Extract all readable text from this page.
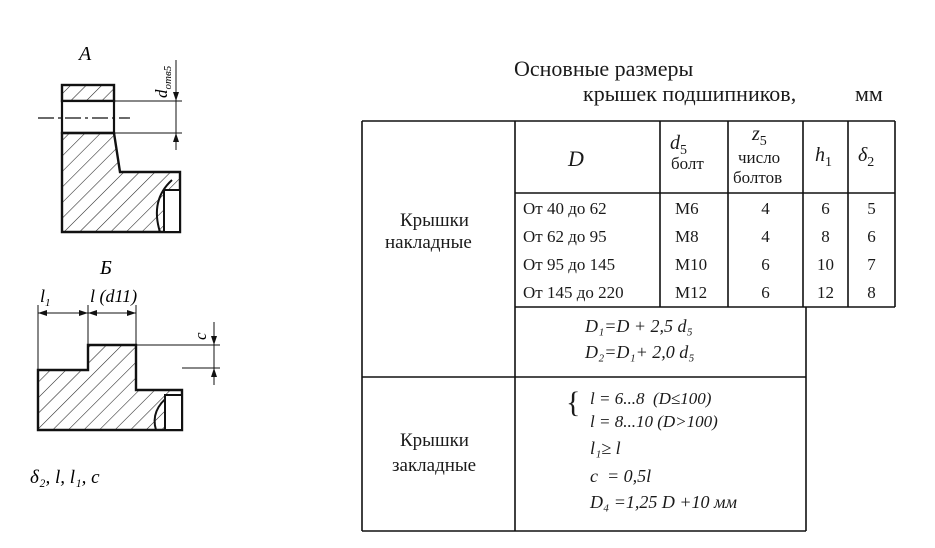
А
$d_{отв5}$
Б
$l_1$ l (d11)
c
δ₂, l, l₁, c
Основные размеры
крышек подшипников,	мм
D
$d_5$
болт
$z_5$
число
болтов
$h_1$ $\delta_2$
Крышки
накладные
От 40 до 62
От 62 до 95
От 95 до 145
От 145 до 220
М6
М8
М10
М12
4
4
6
6
6
8
10
12
5
6
7
8
D₁=D + 2,5 d₅
D₂=D₁+ 2,0 d₅
Крышки
закладные
{ l = 6...8  (D≤100)
l = 8...10 (D>100)
l₁≥ l
c  = 0,5l
D₄ =1,25 D +10 мм
